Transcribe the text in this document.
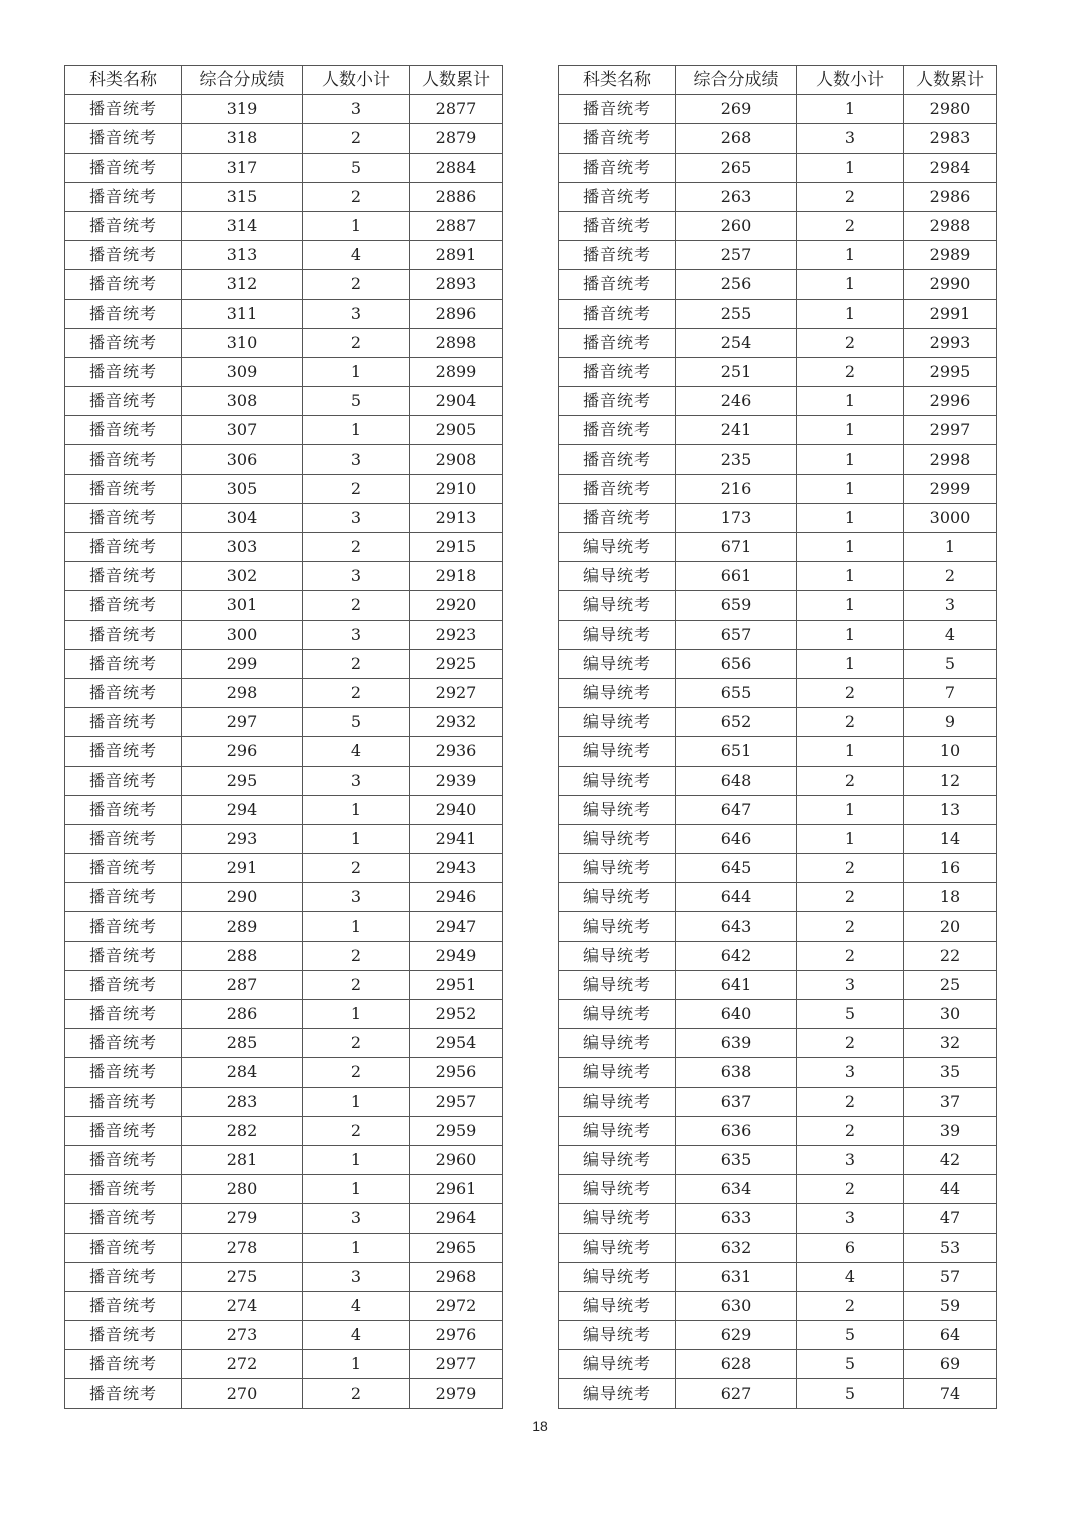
科类名称	综合分成绩	人数小计	人数累计
播音统考	319	3	2877
播音统考	318	2	2879
播音统考	317	5	2884
播音统考	315	2	2886
播音统考	314	1	2887
播音统考	313	4	2891
播音统考	312	2	2893
播音统考	311	3	2896
播音统考	310	2	2898
播音统考	309	1	2899
播音统考	308	5	2904
播音统考	307	1	2905
播音统考	306	3	2908
播音统考	305	2	2910
播音统考	304	3	2913
播音统考	303	2	2915
播音统考	302	3	2918
播音统考	301	2	2920
播音统考	300	3	2923
播音统考	299	2	2925
播音统考	298	2	2927
播音统考	297	5	2932
播音统考	296	4	2936
播音统考	295	3	2939
播音统考	294	1	2940
播音统考	293	1	2941
播音统考	291	2	2943
播音统考	290	3	2946
播音统考	289	1	2947
播音统考	288	2	2949
播音统考	287	2	2951
播音统考	286	1	2952
播音统考	285	2	2954
播音统考	284	2	2956
播音统考	283	1	2957
播音统考	282	2	2959
播音统考	281	1	2960
播音统考	280	1	2961
播音统考	279	3	2964
播音统考	278	1	2965
播音统考	275	3	2968
播音统考	274	4	2972
播音统考	273	4	2976
播音统考	272	1	2977
播音统考	270	2	2979
科类名称	综合分成绩	人数小计	人数累计
播音统考	269	1	2980
播音统考	268	3	2983
播音统考	265	1	2984
播音统考	263	2	2986
播音统考	260	2	2988
播音统考	257	1	2989
播音统考	256	1	2990
播音统考	255	1	2991
播音统考	254	2	2993
播音统考	251	2	2995
播音统考	246	1	2996
播音统考	241	1	2997
播音统考	235	1	2998
播音统考	216	1	2999
播音统考	173	1	3000
编导统考	671	1	1
编导统考	661	1	2
编导统考	659	1	3
编导统考	657	1	4
编导统考	656	1	5
编导统考	655	2	7
编导统考	652	2	9
编导统考	651	1	10
编导统考	648	2	12
编导统考	647	1	13
编导统考	646	1	14
编导统考	645	2	16
编导统考	644	2	18
编导统考	643	2	20
编导统考	642	2	22
编导统考	641	3	25
编导统考	640	5	30
编导统考	639	2	32
编导统考	638	3	35
编导统考	637	2	37
编导统考	636	2	39
编导统考	635	3	42
编导统考	634	2	44
编导统考	633	3	47
编导统考	632	6	53
编导统考	631	4	57
编导统考	630	2	59
编导统考	629	5	64
编导统考	628	5	69
编导统考	627	5	74
18
